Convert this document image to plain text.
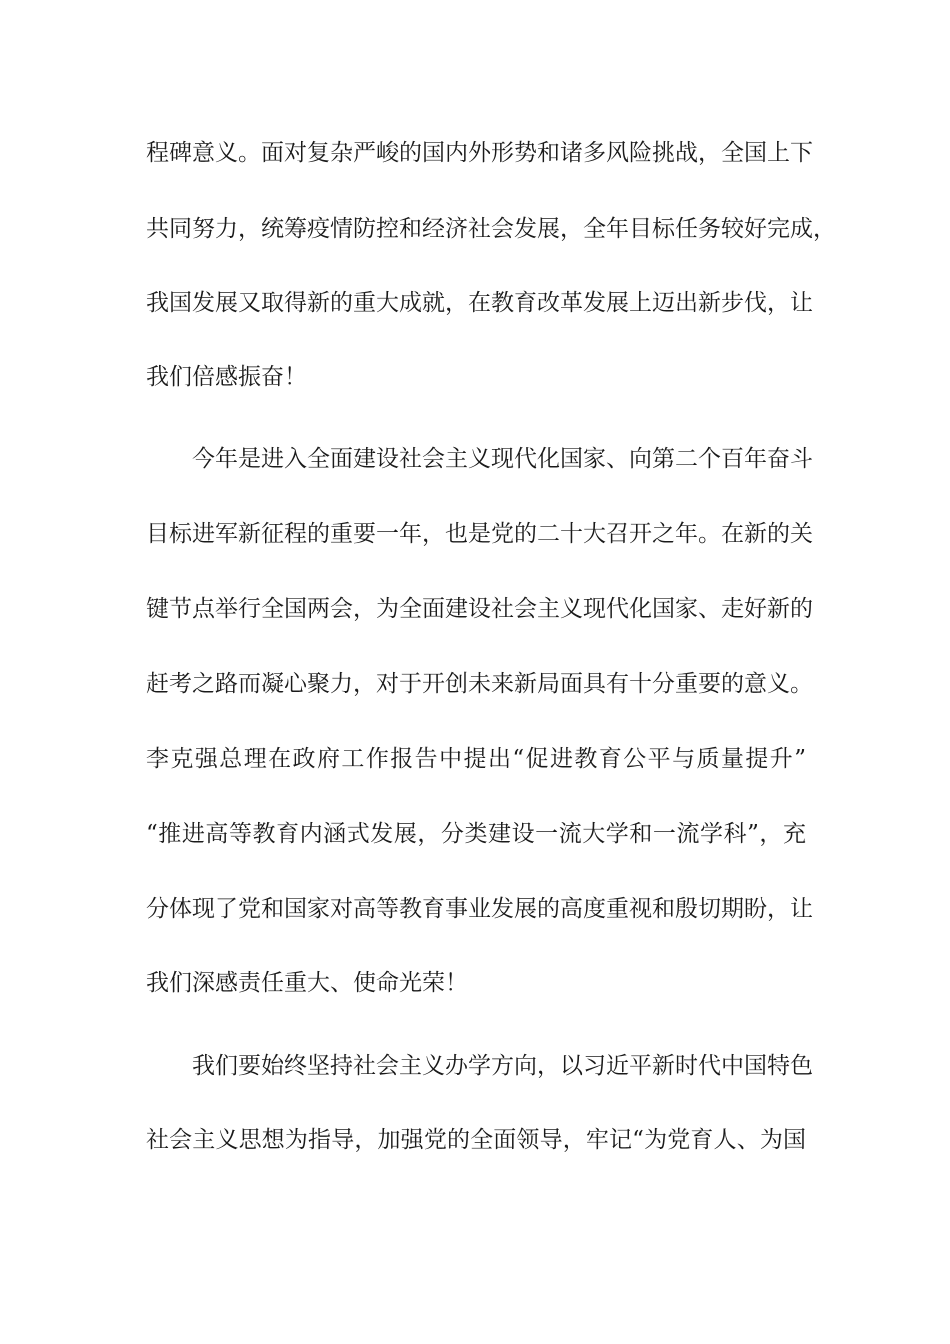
程碑意义。面对复杂严峻的国内外形势和诸多风险挑战，全国上下
共同努力，统筹疫情防控和经济社会发展，全年目标任务较好完成，
我国发展又取得新的重大成就，在教育改革发展上迈出新步伐，让
我们倍感振奋！
今年是进入全面建设社会主义现代化国家、向第二个百年奋斗
目标进军新征程的重要一年，也是党的二十大召开之年。在新的关
键节点举行全国两会，为全面建设社会主义现代化国家、走好新的
赶考之路而凝心聚力，对于开创未来新局面具有十分重要的意义。
李克强总理在政府工作报告中提出“促进教育公平与质量提升”
“推进高等教育内涵式发展，分类建设一流大学和一流学科”，充
分体现了党和国家对高等教育事业发展的高度重视和殷切期盼，让
我们深感责任重大、使命光荣！
我们要始终坚持社会主义办学方向，以习近平新时代中国特色
社会主义思想为指导，加强党的全面领导，牢记“为党育人、为国
